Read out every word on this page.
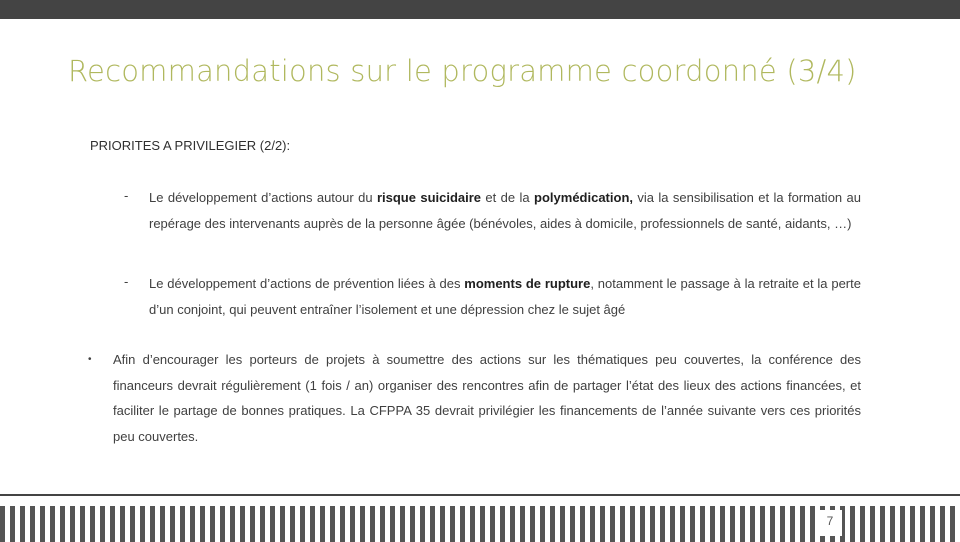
Recommandations sur le programme coordonné (3/4)
PRIORITES A PRIVILEGIER (2/2):
- Le développement d’actions autour du risque suicidaire et de la polymédication, via la sensibilisation et la formation au repérage des intervenants auprès de la personne âgée (bénévoles, aides à domicile, professionnels de santé, aidants, …)

- Le développement d’actions de prévention liées à des moments de rupture, notamment le passage à la retraite et la perte d’un conjoint, qui peuvent entraîner l’isolement et une dépression chez le sujet âgé

• Afin d’encourager les porteurs de projets à soumettre des actions sur les thématiques peu couvertes, la conférence des financeurs devrait régulièrement (1 fois / an) organiser des rencontres afin de partager l’état des lieux des actions financées, et faciliter le partage de bonnes pratiques. La CFPPA 35 devrait privilégier les financements de l’année suivante vers ces priorités peu couvertes.

7
